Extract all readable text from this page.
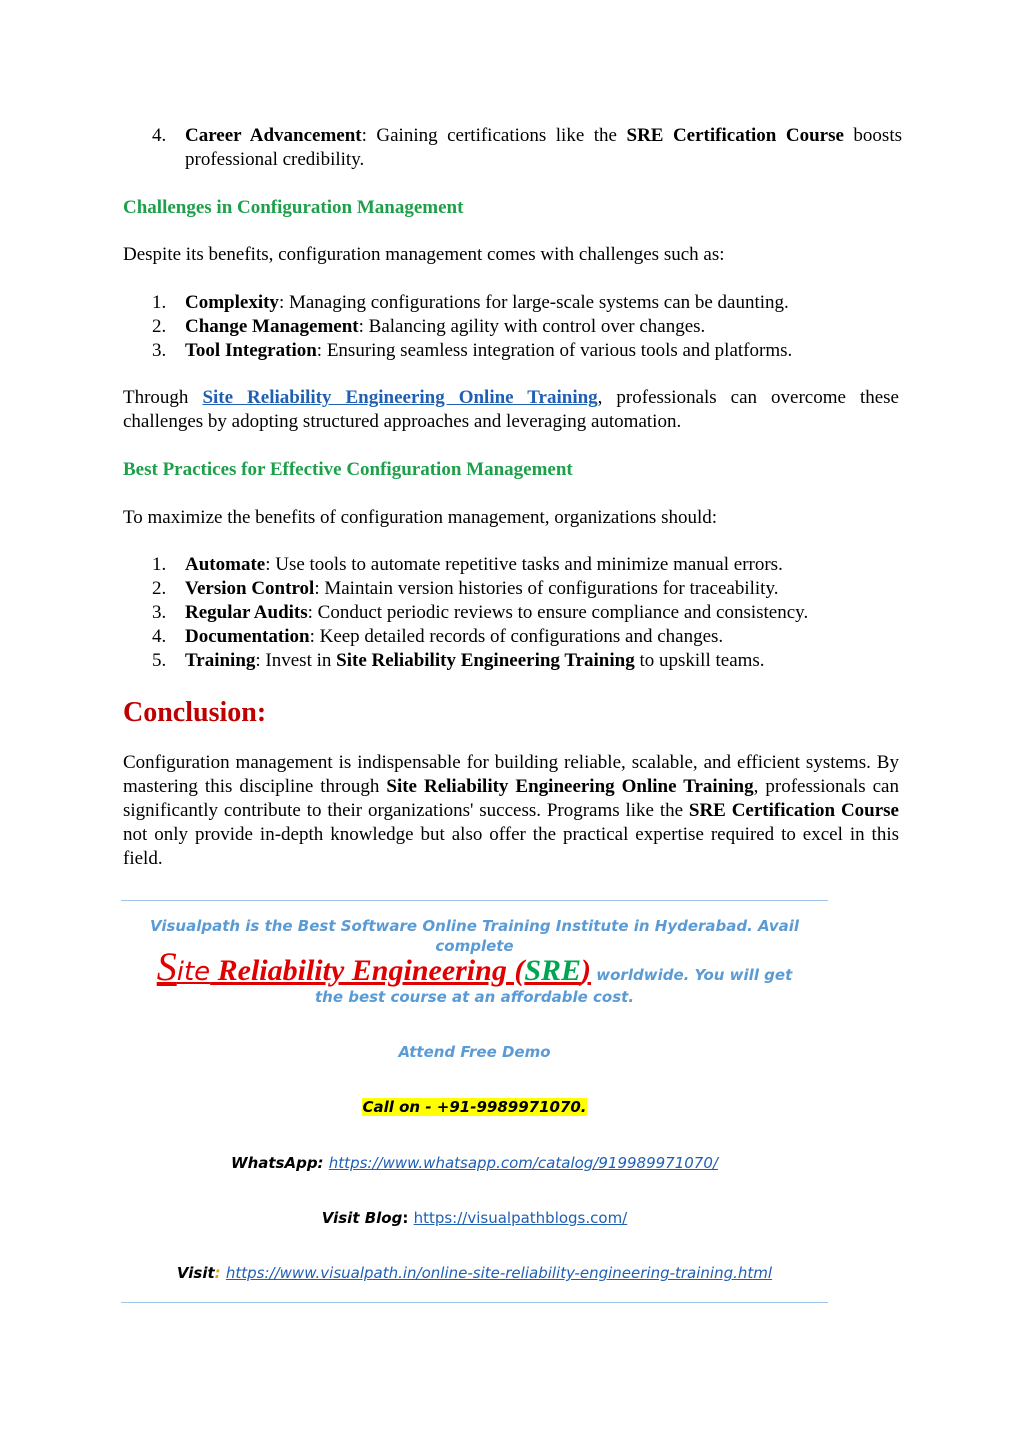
4. Career Advancement: Gaining certifications like the SRE Certification Course boosts professional credibility.
Challenges in Configuration Management
Despite its benefits, configuration management comes with challenges such as:
1. Complexity: Managing configurations for large-scale systems can be daunting.
2. Change Management: Balancing agility with control over changes.
3. Tool Integration: Ensuring seamless integration of various tools and platforms.
Through Site Reliability Engineering Online Training, professionals can overcome these challenges by adopting structured approaches and leveraging automation.
Best Practices for Effective Configuration Management
To maximize the benefits of configuration management, organizations should:
1. Automate: Use tools to automate repetitive tasks and minimize manual errors.
2. Version Control: Maintain version histories of configurations for traceability.
3. Regular Audits: Conduct periodic reviews to ensure compliance and consistency.
4. Documentation: Keep detailed records of configurations and changes.
5. Training: Invest in Site Reliability Engineering Training to upskill teams.
Conclusion:
Configuration management is indispensable for building reliable, scalable, and efficient systems. By mastering this discipline through Site Reliability Engineering Online Training, professionals can significantly contribute to their organizations' success. Programs like the SRE Certification Course not only provide in-depth knowledge but also offer the practical expertise required to excel in this field.
Visualpath is the Best Software Online Training Institute in Hyderabad. Avail complete
Site Reliability Engineering (SRE) worldwide. You will get
the best course at an affordable cost.
Attend Free Demo
Call on - +91-9989971070.
WhatsApp: https://www.whatsapp.com/catalog/919989971070/
Visit Blog: https://visualpathblogs.com/
Visit: https://www.visualpath.in/online-site-reliability-engineering-training.html
